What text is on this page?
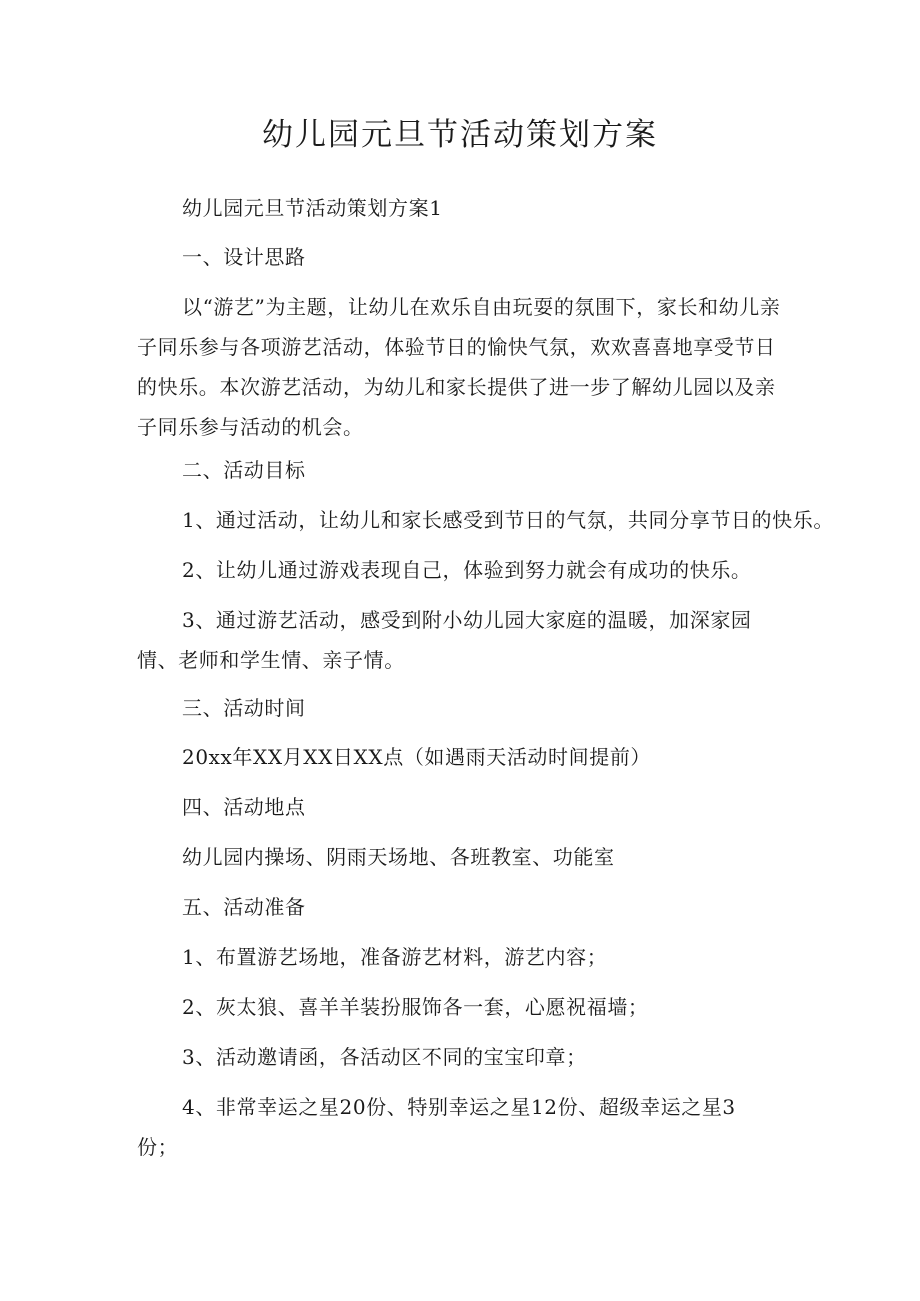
幼儿园元旦节活动策划方案
幼儿园元旦节活动策划方案1
一、设计思路
以“游艺”为主题，让幼儿在欢乐自由玩耍的氛围下，家长和幼儿亲子同乐参与各项游艺活动，体验节日的愉快气氛，欢欢喜喜地享受节日的快乐。本次游艺活动，为幼儿和家长提供了进一步了解幼儿园以及亲子同乐参与活动的机会。
二、活动目标
1、通过活动，让幼儿和家长感受到节日的气氛，共同分享节日的快乐。
2、让幼儿通过游戏表现自己，体验到努力就会有成功的快乐。
3、通过游艺活动，感受到附小幼儿园大家庭的温暖，加深家园情、老师和学生情、亲子情。
三、活动时间
20xx年XX月XX日XX点（如遇雨天活动时间提前）
四、活动地点
幼儿园内操场、阴雨天场地、各班教室、功能室
五、活动准备
1、布置游艺场地，准备游艺材料，游艺内容；
2、灰太狼、喜羊羊装扮服饰各一套，心愿祝福墙；
3、活动邀请函，各活动区不同的宝宝印章；
4、非常幸运之星20份、特别幸运之星12份、超级幸运之星3份；
